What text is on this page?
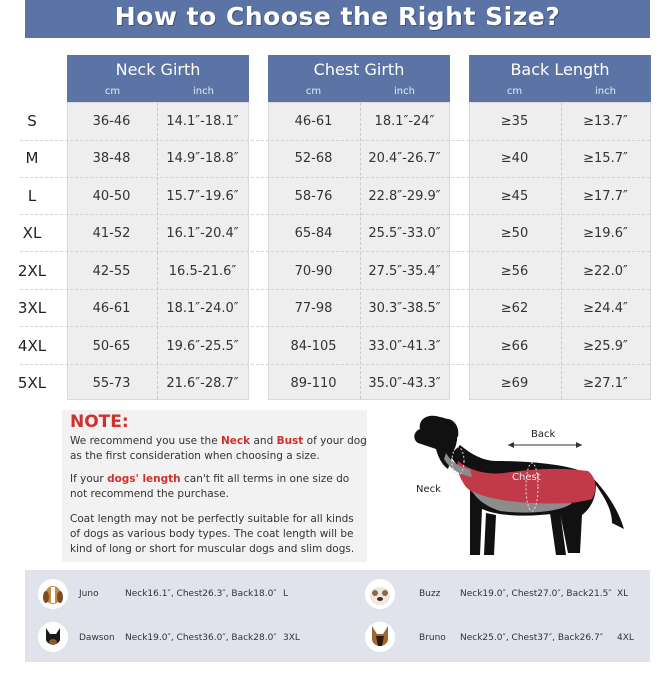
How to Choose the Right Size?
Neck Girth
cm	inch
Chest Girth
cm	inch
Back Length
cm	inch
S	36-46	14.1″-18.1″	46-61	18.1″-24″	≥35	≥13.7″
M	38-48	14.9″-18.8″	52-68	20.4″-26.7″	≥40	≥15.7″
L	40-50	15.7″-19.6″	58-76	22.8″-29.9″	≥45	≥17.7″
XL	41-52	16.1″-20.4″	65-84	25.5″-33.0″	≥50	≥19.6″
2XL	42-55	16.5-21.6″	70-90	27.5″-35.4″	≥56	≥22.0″
3XL	46-61	18.1″-24.0″	77-98	30.3″-38.5″	≥62	≥24.4″
4XL	50-65	19.6″-25.5″	84-105	33.0″-41.3″	≥66	≥25.9″
5XL	55-73	21.6″-28.7″	89-110	35.0″-43.3″	≥69	≥27.1″
NOTE:
We recommend you use the Neck and Bust of your dog
as the first consideration when choosing a size.
If your dogs' length can't fit all terms in one size do
not recommend the purchase.
Coat length may not be perfectly suitable for all kinds
of dogs as various body types. The coat length will be
kind of long or short for muscular dogs and slim dogs.
Back
Neck
Chest
Juno	Neck16.1″, Chest26.3″, Back18.0″ L	Buzz Neck19.0″, Chest27.0″, Back21.5″ XL
Dawson Neck19.0″, Chest36.0″, Back28.0″ 3XL	Bruno Neck25.0″, Chest37″, Back26.7″ 4XL
